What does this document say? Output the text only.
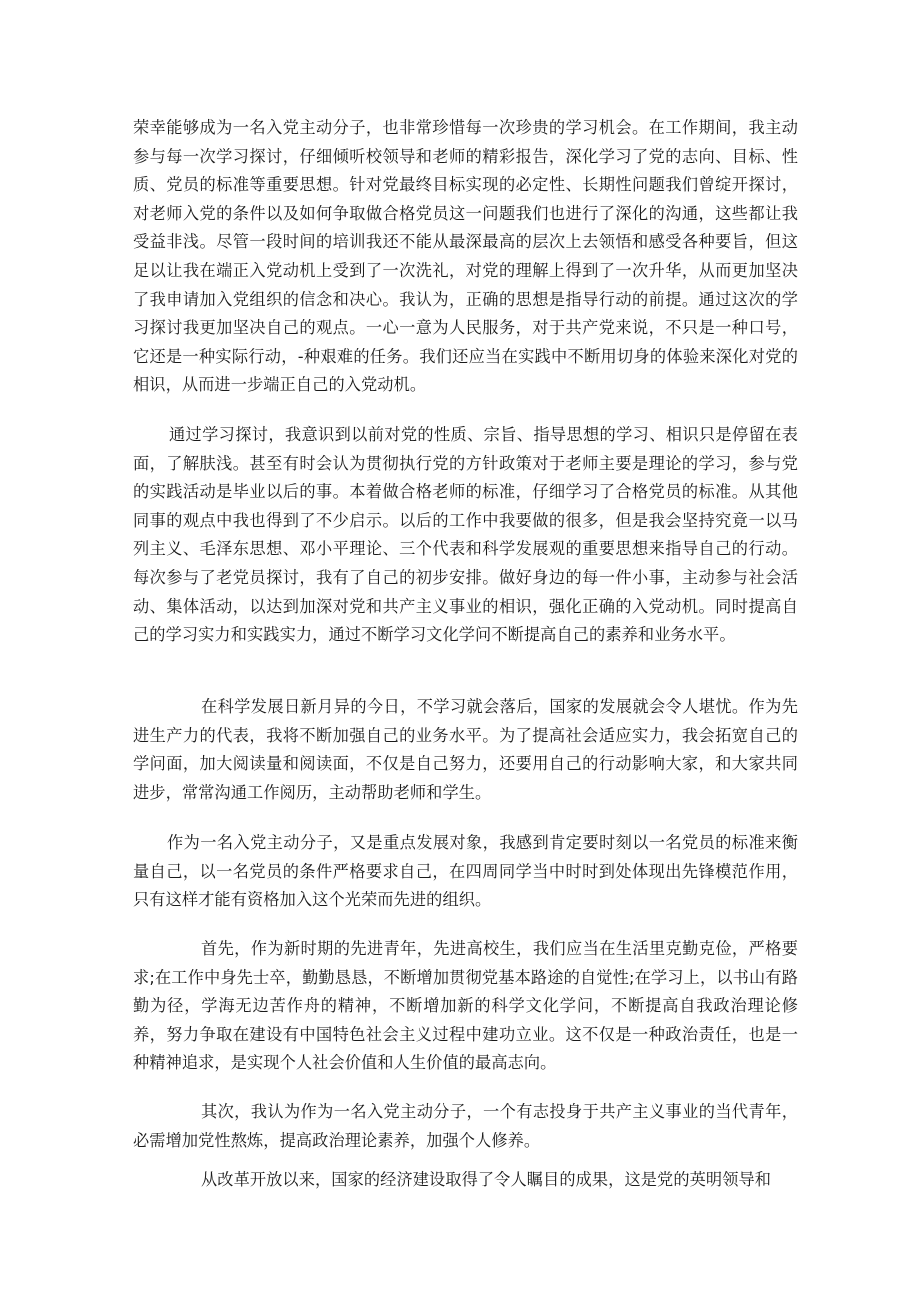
荣幸能够成为一名入党主动分子，也非常珍惜每一次珍贵的学习机会。在工作期间，我主动参与每一次学习探讨，仔细倾听校领导和老师的精彩报告，深化学习了党的志向、目标、性质、党员的标准等重要思想。针对党最终目标实现的必定性、长期性问题我们曾绽开探讨，对老师入党的条件以及如何争取做合格党员这一问题我们也进行了深化的沟通，这些都让我受益非浅。尽管一段时间的培训我还不能从最深最高的层次上去领悟和感受各种要旨，但这足以让我在端正入党动机上受到了一次洗礼，对党的理解上得到了一次升华，从而更加坚决了我申请加入党组织的信念和决心。我认为，正确的思想是指导行动的前提。通过这次的学习探讨我更加坚决自己的观点。一心一意为人民服务，对于共产党来说，不只是一种口号，它还是一种实际行动，-种艰难的任务。我们还应当在实践中不断用切身的体验来深化对党的相识，从而进一步端正自己的入党动机。

通过学习探讨，我意识到以前对党的性质、宗旨、指导思想的学习、相识只是停留在表面，了解肤浅。甚至有时会认为贯彻执行党的方针政策对于老师主要是理论的学习，参与党的实践活动是毕业以后的事。本着做合格老师的标准，仔细学习了合格党员的标准。从其他同事的观点中我也得到了不少启示。以后的工作中我要做的很多，但是我会坚持究竟一以马列主义、毛泽东思想、邓小平理论、三个代表和科学发展观的重要思想来指导自己的行动。每次参与了老党员探讨，我有了自己的初步安排。做好身边的每一件小事，主动参与社会活动、集体活动，以达到加深对党和共产主义事业的相识，强化正确的入党动机。同时提高自己的学习实力和实践实力，通过不断学习文化学问不断提高自己的素养和业务水平。

在科学发展日新月异的今日，不学习就会落后，国家的发展就会令人堪忧。作为先进生产力的代表，我将不断加强自己的业务水平。为了提高社会适应实力，我会拓宽自己的学问面，加大阅读量和阅读面，不仅是自己努力，还要用自己的行动影响大家，和大家共同进步，常常沟通工作阅历，主动帮助老师和学生。

作为一名入党主动分子，又是重点发展对象，我感到肯定要时刻以一名党员的标准来衡量自己，以一名党员的条件严格要求自己，在四周同学当中时时到处体现出先锋模范作用，只有这样才能有资格加入这个光荣而先进的组织。

首先，作为新时期的先进青年，先进高校生，我们应当在生活里克勤克俭，严格要求;在工作中身先士卒，勤勤恳恳，不断增加贯彻党基本路途的自觉性;在学习上，以书山有路勤为径，学海无边苦作舟的精神，不断增加新的科学文化学问，不断提高自我政治理论修养，努力争取在建设有中国特色社会主义过程中建功立业。这不仅是一种政治责任，也是一种精神追求，是实现个人社会价值和人生价值的最高志向。

其次，我认为作为一名入党主动分子，一个有志投身于共产主义事业的当代青年，必需增加党性熬炼，提高政治理论素养，加强个人修养。

从改革开放以来，国家的经济建设取得了令人瞩目的成果，这是党的英明领导和
